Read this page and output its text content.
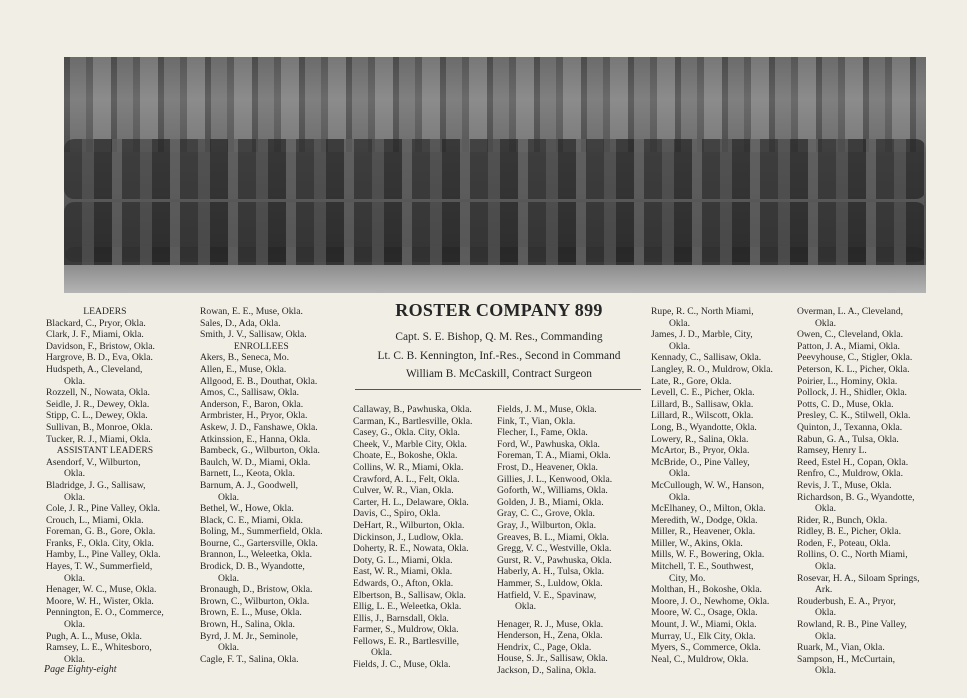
ROSTER COMPANY 899
Capt. S. E. Bishop, Q. M. Res., Commanding
Lt. C. B. Kennington, Inf.-Res., Second in Command
William B. McCaskill, Contract Surgeon
LEADERS
Blackard, C., Pryor, Okla.
Clark, J. F., Miami, Okla.
Davidson, F., Bristow, Okla.
Hargrove, B. D., Eva, Okla.
Hudspeth, A., Cleveland,
Okla.
Rozzell, N., Nowata, Okla.
Seidle, J. R., Dewey, Okla.
Stipp, C. L., Dewey, Okla.
Sullivan, B., Monroe, Okla.
Tucker, R. J., Miami, Okla.
ASSISTANT LEADERS
Asendorf, V., Wilburton,
Okla.
Bladridge, J. G., Sallisaw,
Okla.
Cole, J. R., Pine Valley, Okla.
Crouch, L., Miami, Okla.
Foreman, G. B., Gore, Okla.
Franks, F., Okla. City, Okla.
Hamby, L., Pine Valley, Okla.
Hayes, T. W., Summerfield,
Okla.
Henager, W. C., Muse, Okla.
Moore, W. H., Wister, Okla.
Pennington, E. O., Commerce,
Okla.
Pugh, A. L., Muse, Okla.
Ramsey, L. E., Whitesboro,
Okla.
Rowan, E. E., Muse, Okla.
Sales, D., Ada, Okla.
Smith, J. V., Sallisaw, Okla.
ENROLLEES
Akers, B., Seneca, Mo.
Allen, E., Muse, Okla.
Allgood, E. B., Douthat, Okla.
Amos, C., Sallisaw, Okla.
Anderson, F., Baron, Okla.
Armbrister, H., Pryor, Okla.
Askew, J. D., Fanshawe, Okla.
Atkinssion, E., Hanna, Okla.
Bambeck, G., Wilburton, Okla.
Baulch, W. D., Miami, Okla.
Barnett, L., Keota, Okla.
Barnum, A. J., Goodwell,
Okla.
Bethel, W., Howe, Okla.
Black, C. E., Miami, Okla.
Boling, M., Summerfield, Okla.
Bourne, C., Gartersville, Okla.
Brannon, L., Weleetka, Okla.
Brodick, D. B., Wyandotte,
Okla.
Bronaugh, D., Bristow, Okla.
Brown, C., Wilburton, Okla.
Brown, E. L., Muse, Okla.
Brown, H., Salina, Okla.
Byrd, J. M. Jr., Seminole,
Okla.
Cagle, F. T., Salina, Okla.
Callaway, B., Pawhuska, Okla.
Carman, K., Bartlesville, Okla.
Casey, G., Okla. City, Okla.
Cheek, V., Marble City, Okla.
Choate, E., Bokoshe, Okla.
Collins, W. R., Miami, Okla.
Crawford, A. L., Felt, Okla.
Culver, W. R., Vian, Okla.
Carter, H. L., Delaware, Okla.
Davis, C., Spiro, Okla.
DeHart, R., Wilburton, Okla.
Dickinson, J., Ludlow, Okla.
Doherty, R. E., Nowata, Okla.
Doty, G. L., Miami, Okla.
East, W. R., Miami, Okla.
Edwards, O., Afton, Okla.
Elbertson, B., Sallisaw, Okla.
Ellig, L. E., Weleetka, Okla.
Ellis, J., Barnsdall, Okla.
Farmer, S., Muldrow, Okla.
Fellows, E. R., Bartlesville,
Okla.
Fields, J. C., Muse, Okla.
Fields, J. M., Muse, Okla.
Fink, T., Vian, Okla.
Flecher, I., Fame, Okla.
Ford, W., Pawhuska, Okla.
Foreman, T. A., Miami, Okla.
Frost, D., Heavener, Okla.
Gillies, J. L., Kenwood, Okla.
Goforth, W., Williams, Okla.
Golden, J. B., Miami, Okla.
Gray, C. C., Grove, Okla.
Gray, J., Wilburton, Okla.
Greaves, B. L., Miami, Okla.
Gregg, V. C., Westville, Okla.
Gurst, R. V., Pawhuska, Okla.
Haberly, A. H., Tulsa, Okla.
Hammer, S., Luldow, Okla.
Hatfield, V. E., Spavinaw,
Okla.
Henager, R. J., Muse, Okla.
Henderson, H., Zena, Okla.
Hendrix, C., Page, Okla.
House, S. Jr., Sallisaw, Okla.
Jackson, D., Salina, Okla.
Rupe, R. C., North Miami,
Okla.
James, J. D., Marble, City,
Okla.
Kennady, C., Sallisaw, Okla.
Langley, R. O., Muldrow, Okla.
Late, R., Gore, Okla.
Levell, C. E., Picher, Okla.
Lillard, B., Sallisaw, Okla.
Lillard, R., Wilscott, Okla.
Long, B., Wyandotte, Okla.
Lowery, R., Salina, Okla.
McArtor, B., Pryor, Okla.
McBride, O., Pine Valley,
Okla.
McCullough, W. W., Hanson,
Okla.
McElhaney, O., Milton, Okla.
Meredith, W., Dodge, Okla.
Miller, R., Heavener, Okla.
Miller, W., Akins, Okla.
Mills, W. F., Bowering, Okla.
Mitchell, T. E., Southwest,
City, Mo.
Molthan, H., Bokoshe, Okla.
Moore, J. O., Newhome, Okla.
Moore, W. C., Osage, Okla.
Mount, J. W., Miami, Okla.
Murray, U., Elk City, Okla.
Myers, S., Commerce, Okla.
Neal, C., Muldrow, Okla.
Overman, L. A., Cleveland,
Okla.
Owen, C., Cleveland, Okla.
Patton, J. A., Miami, Okla.
Peevyhouse, C., Stigler, Okla.
Peterson, K. L., Picher, Okla.
Poirier, L., Hominy, Okla.
Pollock, J. H., Shidler, Okla.
Potts, C. D., Muse, Okla.
Presley, C. K., Stilwell, Okla.
Quinton, J., Texanna, Okla.
Rabun, G. A., Tulsa, Okla.
Ramsey, Henry L.
Reed, Estel H., Copan, Okla.
Renfro, C., Muldrow, Okla.
Revis, J. T., Muse, Okla.
Richardson, B. G., Wyandotte,
Okla.
Rider, R., Bunch, Okla.
Ridley, B. E., Picher, Okla.
Roden, F., Poteau, Okla.
Rollins, O. C., North Miami,
Okla.
Rosevar, H. A., Siloam Springs,
Ark.
Rouderbush, E. A., Pryor,
Okla.
Rowland, R. B., Pine Valley,
Okla.
Ruark, M., Vian, Okla.
Sampson, H., McCurtain,
Okla.
Page Eighty-eight
